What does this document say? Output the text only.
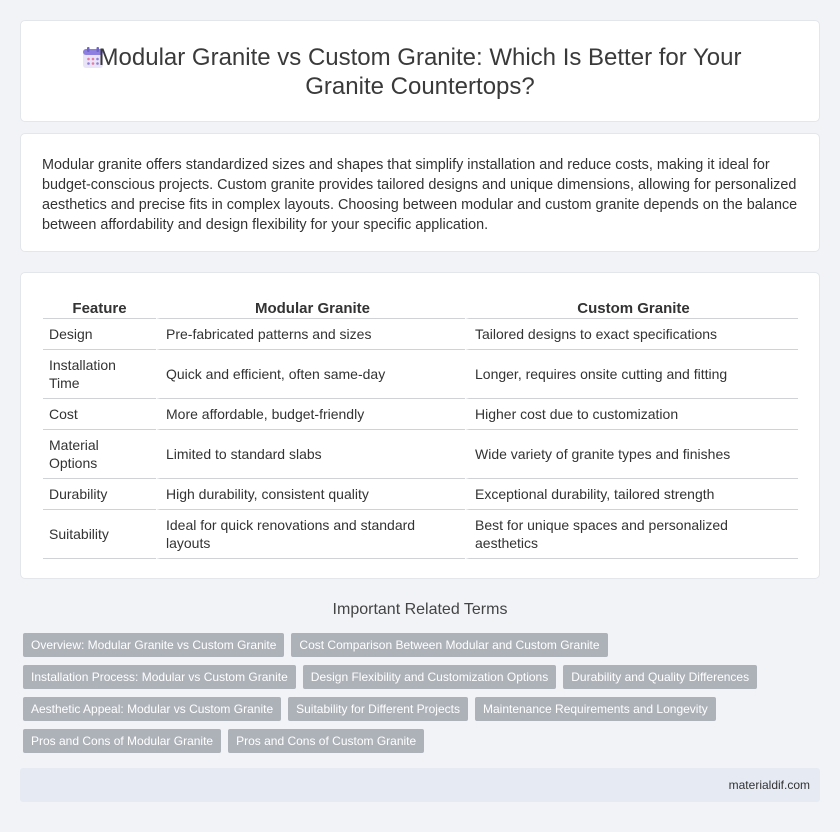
Modular Granite vs Custom Granite: Which Is Better for Your
Granite Countertops?

Modular granite offers standardized sizes and shapes that simplify installation and reduce costs, making it ideal for budget-conscious projects. Custom granite provides tailored designs and unique dimensions, allowing for personalized aesthetics and precise fits in complex layouts. Choosing between modular and custom granite depends on the balance between affordability and design flexibility for your specific application.

Feature	Modular Granite	Custom Granite
Design	Pre-fabricated patterns and sizes	Tailored designs to exact specifications
Installation Time	Quick and efficient, often same-day	Longer, requires onsite cutting and fitting
Cost	More affordable, budget-friendly	Higher cost due to customization
Material Options	Limited to standard slabs	Wide variety of granite types and finishes
Durability	High durability, consistent quality	Exceptional durability, tailored strength
Suitability	Ideal for quick renovations and standard layouts	Best for unique spaces and personalized aesthetics
Important Related Terms
Overview: Modular Granite vs Custom Granite	Cost Comparison Between Modular and Custom Granite
Installation Process: Modular vs Custom Granite	Design Flexibility and Customization Options	Durability and Quality Differences
Aesthetic Appeal: Modular vs Custom Granite	Suitability for Different Projects	Maintenance Requirements and Longevity
Pros and Cons of Modular Granite	Pros and Cons of Custom Granite
materialdif.com
